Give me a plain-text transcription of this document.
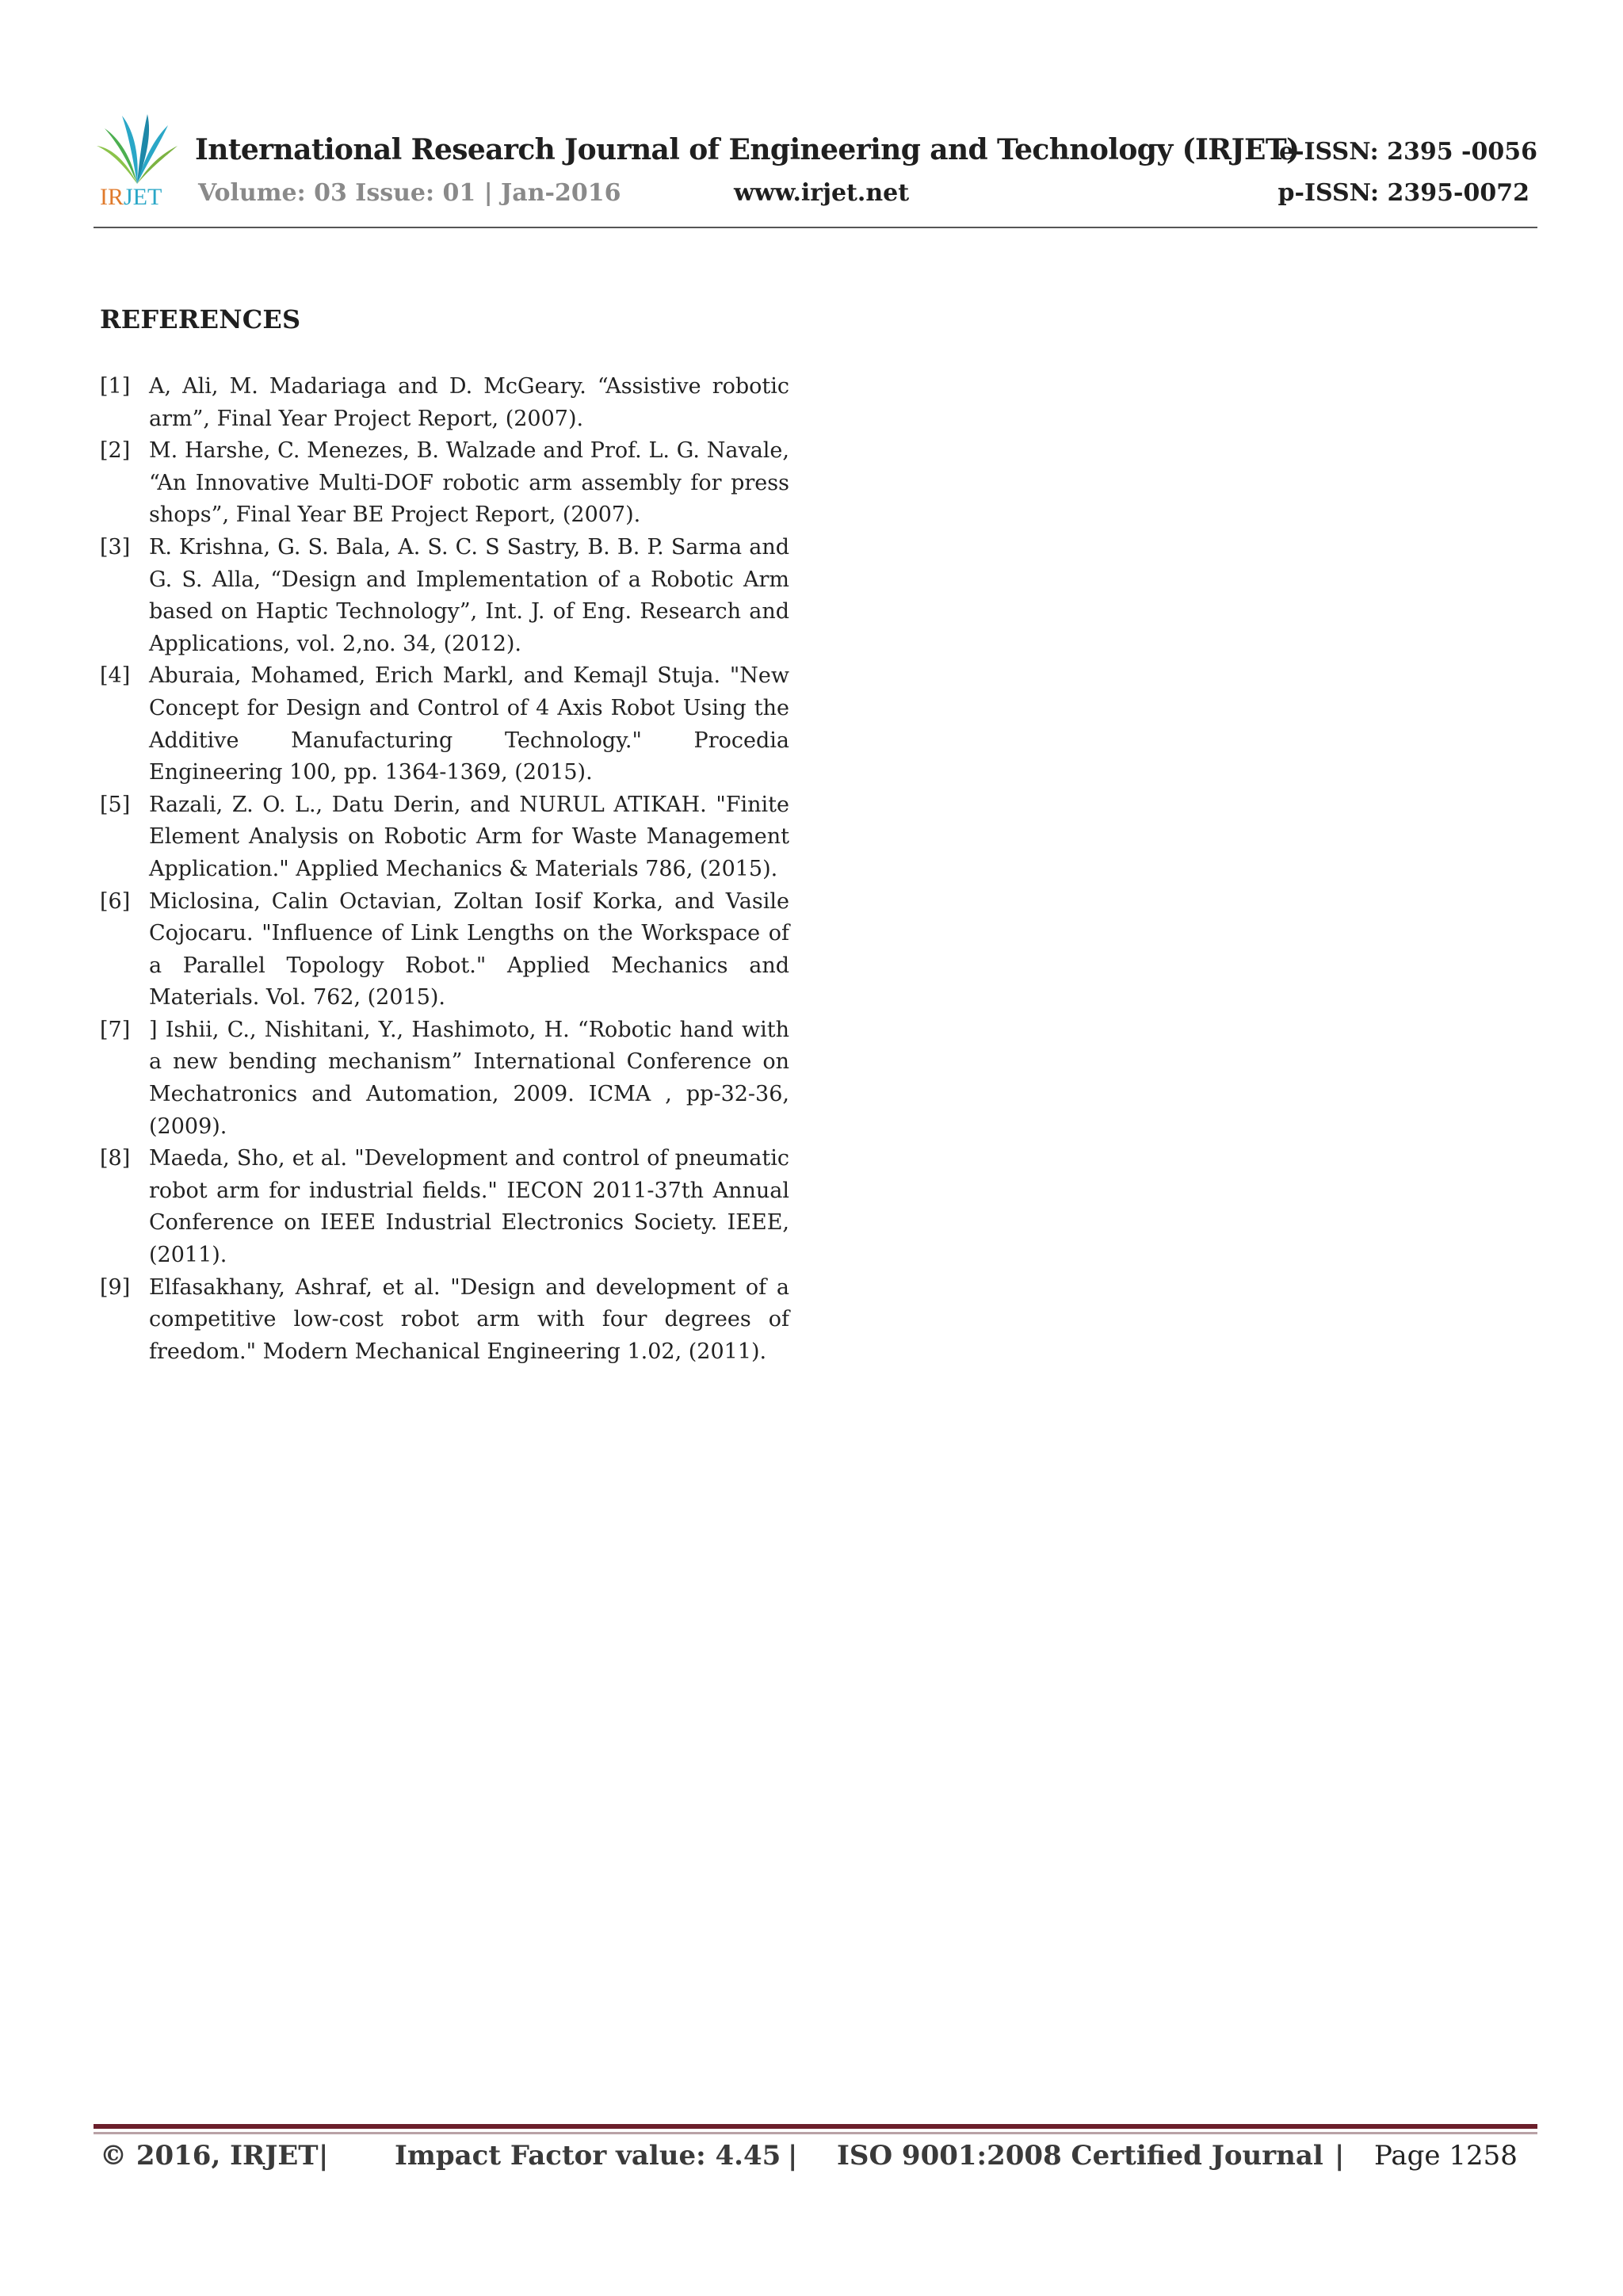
IRJET
International Research Journal of Engineering and Technology (IRJET)
e-ISSN: 2395 -0056
Volume: 03 Issue: 01 | Jan-2016	www.irjet.net	p-ISSN: 2395-0072
REFERENCES
[1] A, Ali, M. Madariaga and D. McGeary. “Assistive robotic arm”, Final Year Project Report, (2007).
[2] M. Harshe, C. Menezes, B. Walzade and Prof. L. G. Navale, “An Innovative Multi-DOF robotic arm assembly for press shops”, Final Year BE Project Report, (2007).
[3] R. Krishna, G. S. Bala, A. S. C. S Sastry, B. B. P. Sarma and G. S. Alla, “Design and Implementation of a Robotic Arm based on Haptic Technology”, Int. J. of Eng. Research and Applications, vol. 2,no. 34, (2012).
[4] Aburaia, Mohamed, Erich Markl, and Kemajl Stuja. "New Concept for Design and Control of 4 Axis Robot Using the Additive Manufacturing Technology." Procedia Engineering 100, pp. 1364-1369, (2015).
[5] Razali, Z. O. L., Datu Derin, and NURUL ATIKAH. "Finite Element Analysis on Robotic Arm for Waste Management Application." Applied Mechanics & Materials 786, (2015).
[6] Miclosina, Calin Octavian, Zoltan Iosif Korka, and Vasile Cojocaru. "Influence of Link Lengths on the Workspace of a Parallel Topology Robot." Applied Mechanics and Materials. Vol. 762, (2015).
[7] ] Ishii, C., Nishitani, Y., Hashimoto, H. “Robotic hand with a new bending mechanism” International Conference on Mechatronics and Automation, 2009. ICMA , pp-32-36, (2009).
[8] Maeda, Sho, et al. "Development and control of pneumatic robot arm for industrial fields." IECON 2011-37th Annual Conference on IEEE Industrial Electronics Society. IEEE, (2011).
[9] Elfasakhany, Ashraf, et al. "Design and development of a competitive low-cost robot arm with four degrees of freedom." Modern Mechanical Engineering 1.02, (2011).
© 2016, IRJET | Impact Factor value: 4.45 | ISO 9001:2008 Certified Journal | Page 1258
